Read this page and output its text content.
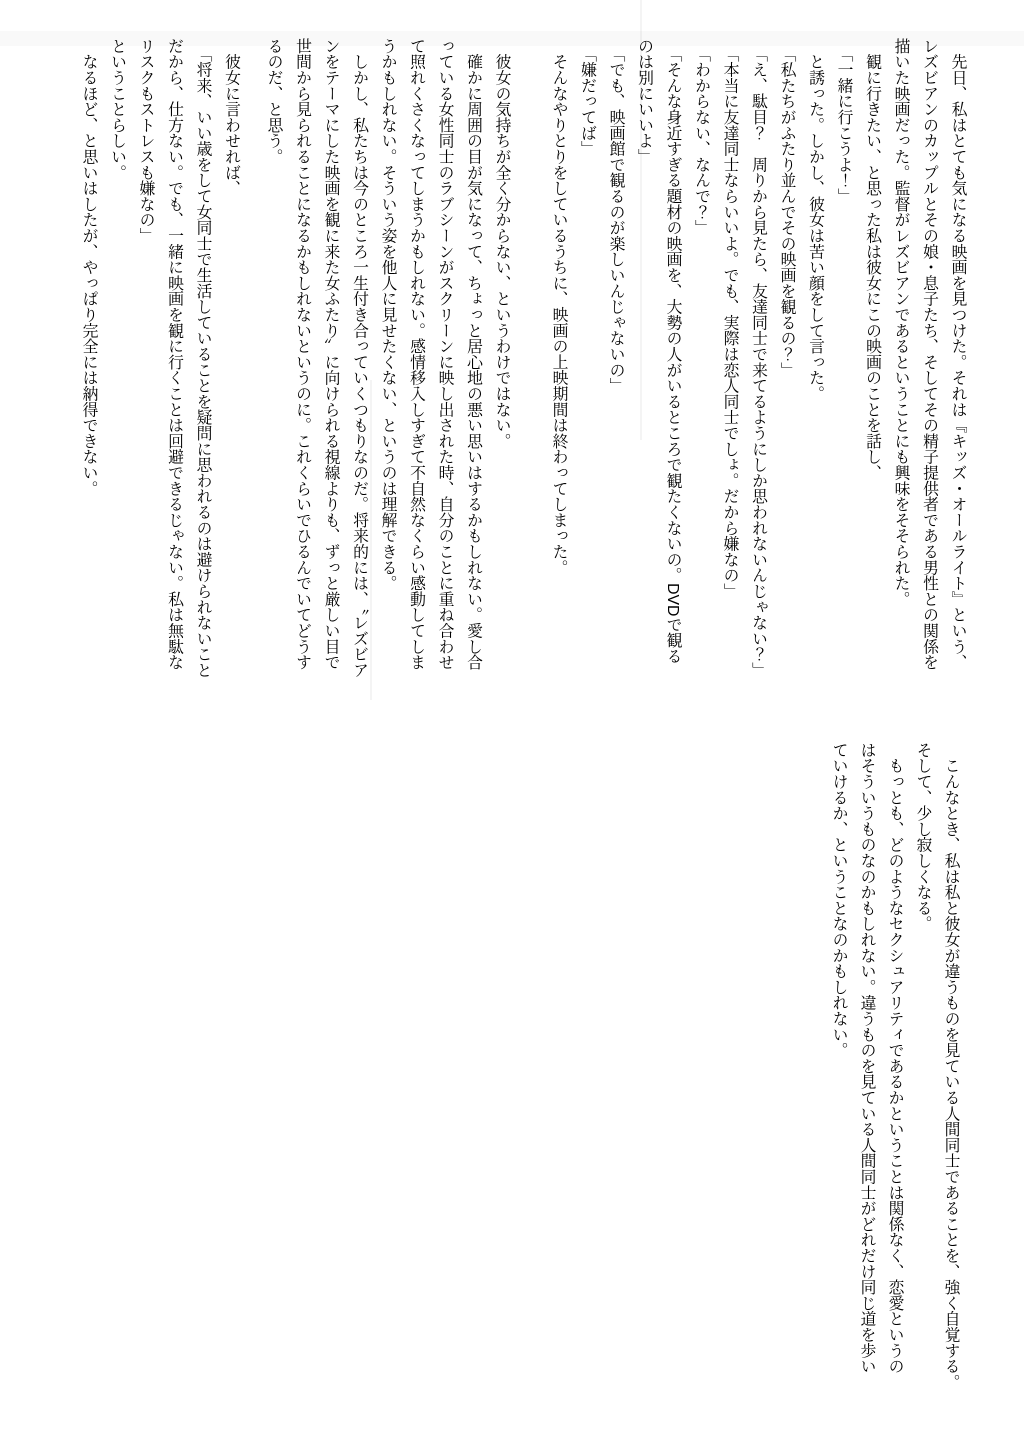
　先日、私はとても気になる映画を見つけた。それは『キッズ・オールライト』という、

レズビアンのカップルとその娘・息子たち、そしてその精子提供者である男性との関係を

描いた映画だった。監督がレズビアンであるということにも興味をそそられた。

　観に行きたい、と思った私は彼女にこの映画のことを話し、

　「一緒に行こうよ！」

　と誘った。しかし、彼女は苦い顔をして言った。

　「私たちがふたり並んでその映画を観るの？」

　「え、駄目？　周りから見たら、友達同士で来てるようにしか思われないんじゃない？」

　「本当に友達同士ならいいよ。でも、実際は恋人同士でしょ。だから嫌なの」

　「わからない、なんで？」

　「そんな身近すぎる題材の映画を、大勢の人がいるところで観たくないの。DVDで観る

のは別にいいよ」

　「でも、映画館で観るのが楽しいんじゃないの」

　「嫌だってば」

　そんなやりとりをしているうちに、映画の上映期間は終わってしまった。

　彼女の気持ちが全く分からない、というわけではない。

　確かに周囲の目が気になって、ちょっと居心地の悪い思いはするかもしれない。愛し合

っている女性同士のラブシーンがスクリーンに映し出された時、自分のことに重ね合わせ

て照れくさくなってしまうかもしれない。感情移入しすぎて不自然なくらい感動してしま

うかもしれない。そういう姿を他人に見せたくない、というのは理解できる。

　しかし、私たちは今のところ一生付き合っていくつもりなのだ。将来的には、〝レズビア

ンをテーマにした映画を観に来た女ふたり〟に向けられる視線よりも、ずっと厳しい目で

世間から見られることになるかもしれないというのに。これくらいでひるんでいてどうす

るのだ、と思う。

　彼女に言わせれば、

　「将来、いい歳をして女同士で生活していることを疑問に思われるのは避けられないこと

だから、仕方ない。でも、一緒に映画を観に行くことは回避できるじゃない。私は無駄な

リスクもストレスも嫌なの」

ということらしい。

　なるほど、と思いはしたが、やっぱり完全には納得できない。

　こんなとき、私は私と彼女が違うものを見ている人間同士であることを、強く自覚する。

そして、少し寂しくなる。

　もっとも、どのようなセクシュアリティであるかということは関係なく、恋愛というの

はそういうものなのかもしれない。違うものを見ている人間同士がどれだけ同じ道を歩い

ていけるか、ということなのかもしれない。
